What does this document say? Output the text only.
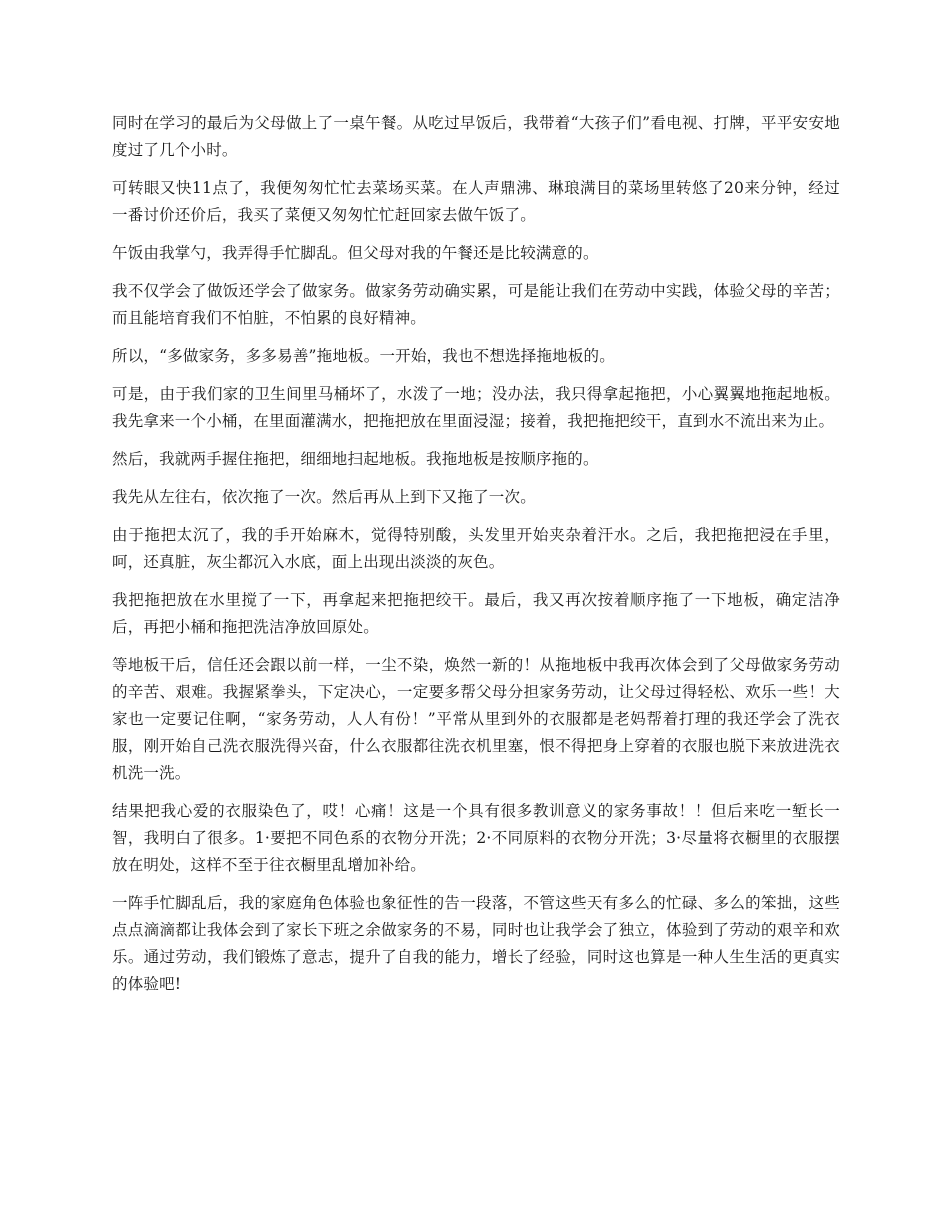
同时在学习的最后为父母做上了一桌午餐。从吃过早饭后，我带着“大孩子们”看电视、打牌，平平安安地度过了几个小时。

可转眼又快11点了，我便匆匆忙忙去菜场买菜。在人声鼎沸、琳琅满目的菜场里转悠了20来分钟，经过一番讨价还价后，我买了菜便又匆匆忙忙赶回家去做午饭了。

午饭由我掌勺，我弄得手忙脚乱。但父母对我的午餐还是比较满意的。

我不仅学会了做饭还学会了做家务。做家务劳动确实累，可是能让我们在劳动中实践，体验父母的辛苦；而且能培育我们不怕脏，不怕累的良好精神。

所以，“多做家务，多多易善”拖地板。一开始，我也不想选择拖地板的。

可是，由于我们家的卫生间里马桶坏了，水泼了一地；没办法，我只得拿起拖把，小心翼翼地拖起地板。我先拿来一个小桶，在里面灌满水，把拖把放在里面浸湿；接着，我把拖把绞干，直到水不流出来为止。

然后，我就两手握住拖把，细细地扫起地板。我拖地板是按顺序拖的。

我先从左往右，依次拖了一次。然后再从上到下又拖了一次。

由于拖把太沉了，我的手开始麻木，觉得特别酸，头发里开始夹杂着汗水。之后，我把拖把浸在手里，呵，还真脏，灰尘都沉入水底，面上出现出淡淡的灰色。

我把拖把放在水里搅了一下，再拿起来把拖把绞干。最后，我又再次按着顺序拖了一下地板，确定洁净后，再把小桶和拖把洗洁净放回原处。

等地板干后，信任还会跟以前一样，一尘不染，焕然一新的！从拖地板中我再次体会到了父母做家务劳动的辛苦、艰难。我握紧拳头，下定决心，一定要多帮父母分担家务劳动，让父母过得轻松、欢乐一些！大家也一定要记住啊，“家务劳动，人人有份！”平常从里到外的衣服都是老妈帮着打理的我还学会了洗衣服，刚开始自己洗衣服洗得兴奋，什么衣服都往洗衣机里塞，恨不得把身上穿着的衣服也脱下来放进洗衣机洗一洗。

结果把我心爱的衣服染色了，哎！心痛！这是一个具有很多教训意义的家务事故！！但后来吃一堑长一智，我明白了很多。1·要把不同色系的衣物分开洗；2·不同原料的衣物分开洗；3·尽量将衣橱里的衣服摆放在明处，这样不至于往衣橱里乱增加补给。

一阵手忙脚乱后，我的家庭角色体验也象征性的告一段落，不管这些天有多么的忙碌、多么的笨拙，这些点点滴滴都让我体会到了家长下班之余做家务的不易，同时也让我学会了独立，体验到了劳动的艰辛和欢乐。通过劳动，我们锻炼了意志，提升了自我的能力，增长了经验，同时这也算是一种人生生活的更真实的体验吧!
